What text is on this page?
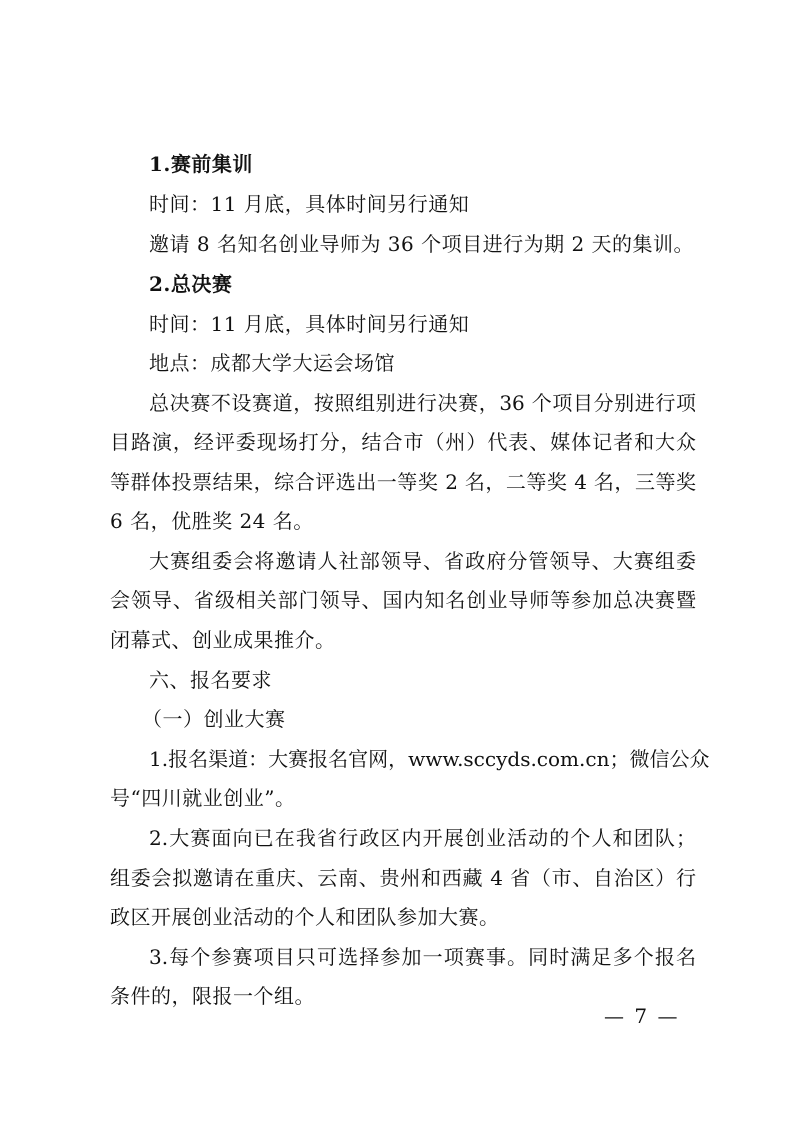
1.赛前集训
时间：11 月底，具体时间另行通知
邀请 8 名知名创业导师为 36 个项目进行为期 2 天的集训。
2.总决赛
时间：11 月底，具体时间另行通知
地点：成都大学大运会场馆
总决赛不设赛道，按照组别进行决赛，36 个项目分别进行项
目路演，经评委现场打分，结合市（州）代表、媒体记者和大众
等群体投票结果，综合评选出一等奖 2 名，二等奖 4 名，三等奖
6 名，优胜奖 24 名。
大赛组委会将邀请人社部领导、省政府分管领导、大赛组委
会领导、省级相关部门领导、国内知名创业导师等参加总决赛暨
闭幕式、创业成果推介。
六、报名要求
（一）创业大赛
1.报名渠道：大赛报名官网，www.sccyds.com.cn；微信公众
号“四川就业创业”。
2.大赛面向已在我省行政区内开展创业活动的个人和团队；
组委会拟邀请在重庆、云南、贵州和西藏 4 省（市、自治区）行
政区开展创业活动的个人和团队参加大赛。
3.每个参赛项目只可选择参加一项赛事。同时满足多个报名
条件的，限报一个组。
— 7 —
